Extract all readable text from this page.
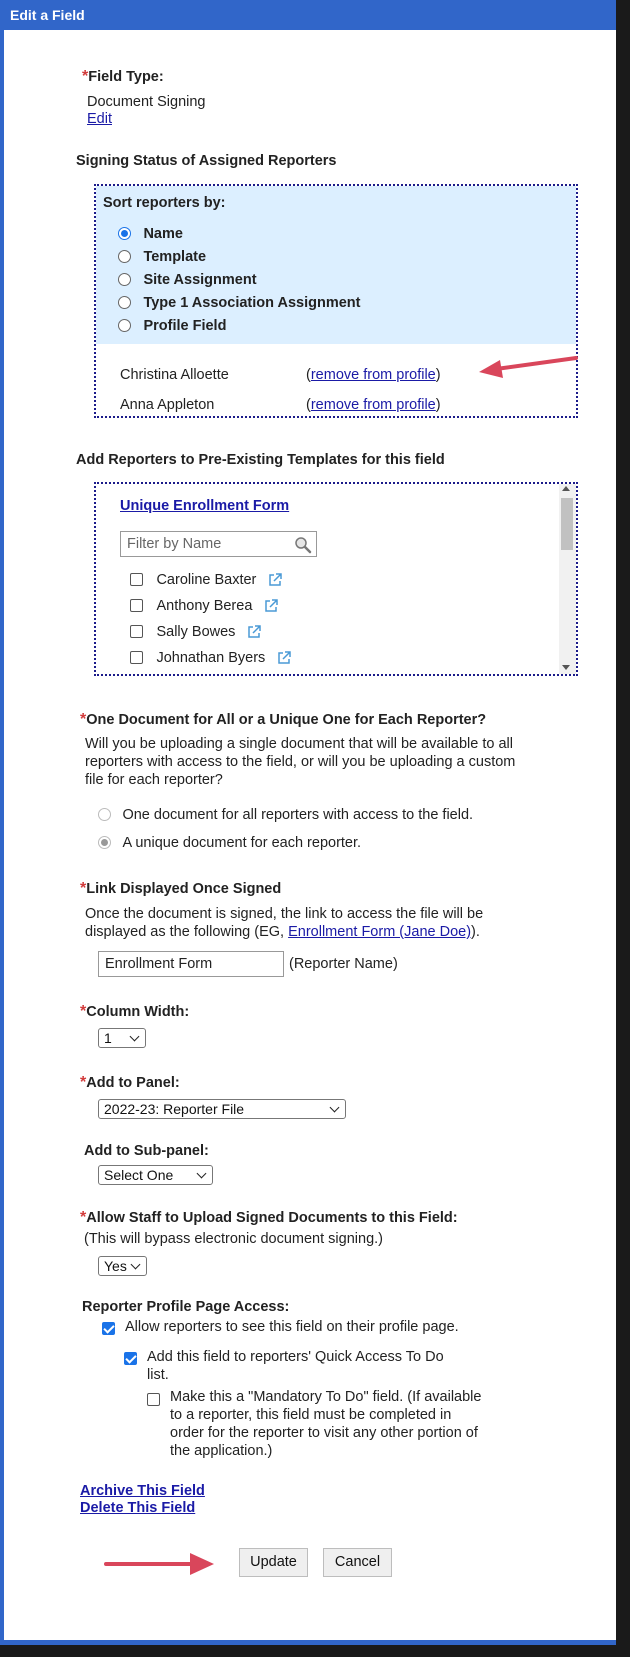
Edit a Field
*Field Type:
Document Signing
Edit
Signing Status of Assigned Reporters
Sort reporters by:
Name
Template
Site Assignment
Type 1 Association Assignment
Profile Field
Christina Alloette	(remove from profile)
Anna Appleton	(remove from profile)
Add Reporters to Pre-Existing Templates for this field
Unique Enrollment Form
Filter by Name
Caroline Baxter
Anthony Berea
Sally Bowes
Johnathan Byers
*One Document for All or a Unique One for Each Reporter?
Will you be uploading a single document that will be available to all
reporters with access to the field, or will you be uploading a custom
file for each reporter?
One document for all reporters with access to the field.
A unique document for each reporter.
*Link Displayed Once Signed
Once the document is signed, the link to access the file will be
displayed as the following (EG, Enrollment Form (Jane Doe)).
Enrollment Form	(Reporter Name)
*Column Width:
1
*Add to Panel:
2022-23: Reporter File
Add to Sub-panel:
Select One
*Allow Staff to Upload Signed Documents to this Field:
(This will bypass electronic document signing.)
Yes
Reporter Profile Page Access:
Allow reporters to see this field on their profile page.
Add this field to reporters' Quick Access To Do
list.
Make this a "Mandatory To Do" field. (If available
to a reporter, this field must be completed in
order for the reporter to visit any other portion of
the application.)
Archive This Field
Delete This Field
Update	Cancel
